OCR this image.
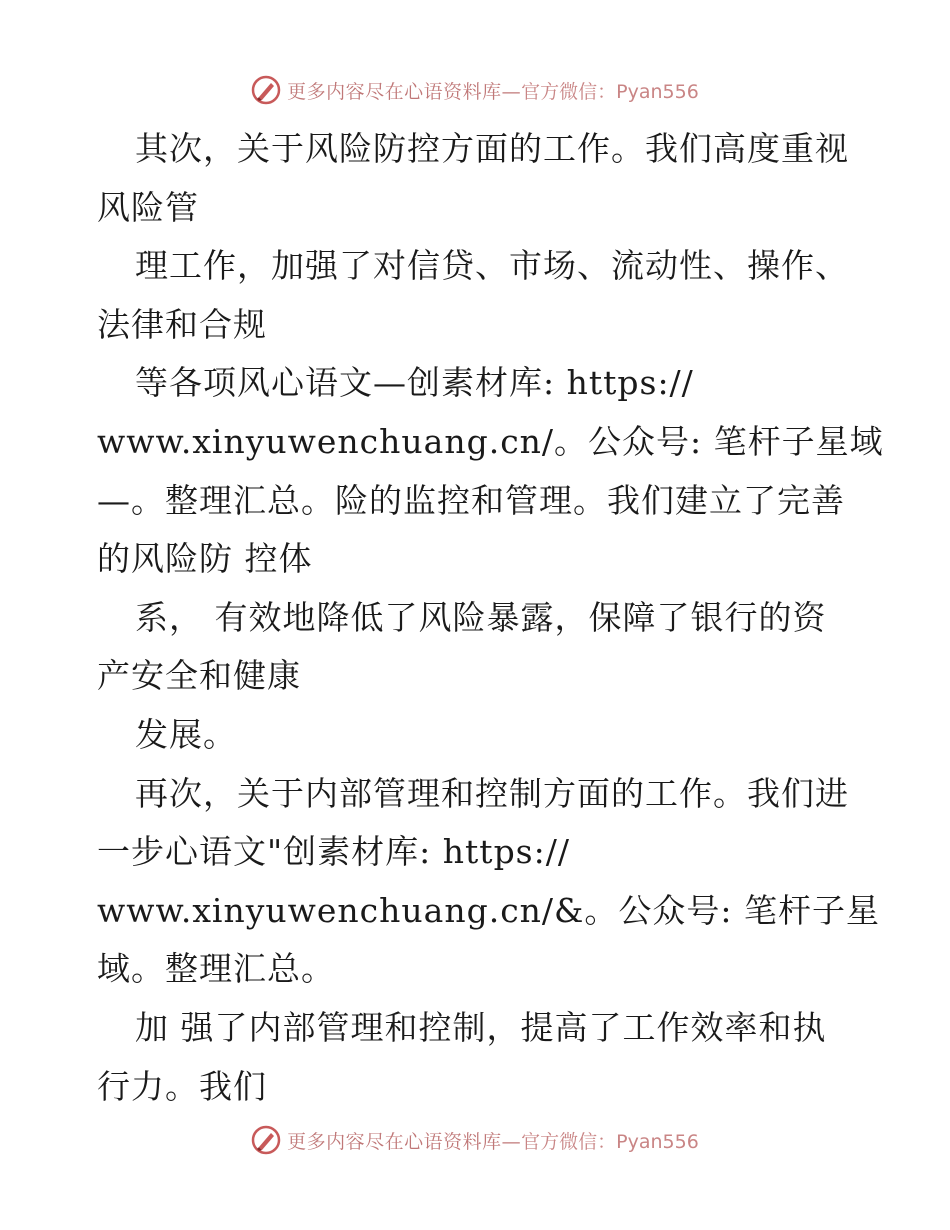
更多内容尽在心语资料库— 官方微信：Pyan556
其次，关于风险防控方面的工作。我们高度重视
风险管
理工作，加强了对信贷、市场、流动性、操作、
法律和合规
等各项风心语文—创素材库: https://
www.xinyuwenchuang.cn/。公众号: 笔杆子星域
—。整理汇总。险的监控和管理。我们建立了完善
的风险防 控体
系， 有效地降低了风险暴露，保障了银行的资
产安全和健康
发展。
再次，关于内部管理和控制方面的工作。我们进
一步心语文"创素材库: https://
www.xinyuwenchuang.cn/&。公众号: 笔杆子星
域。整理汇总。
加 强了内部管理和控制，提高了工作效率和执
行力。我们
更多内容尽在心语资料库— 官方微信：Pyan556
